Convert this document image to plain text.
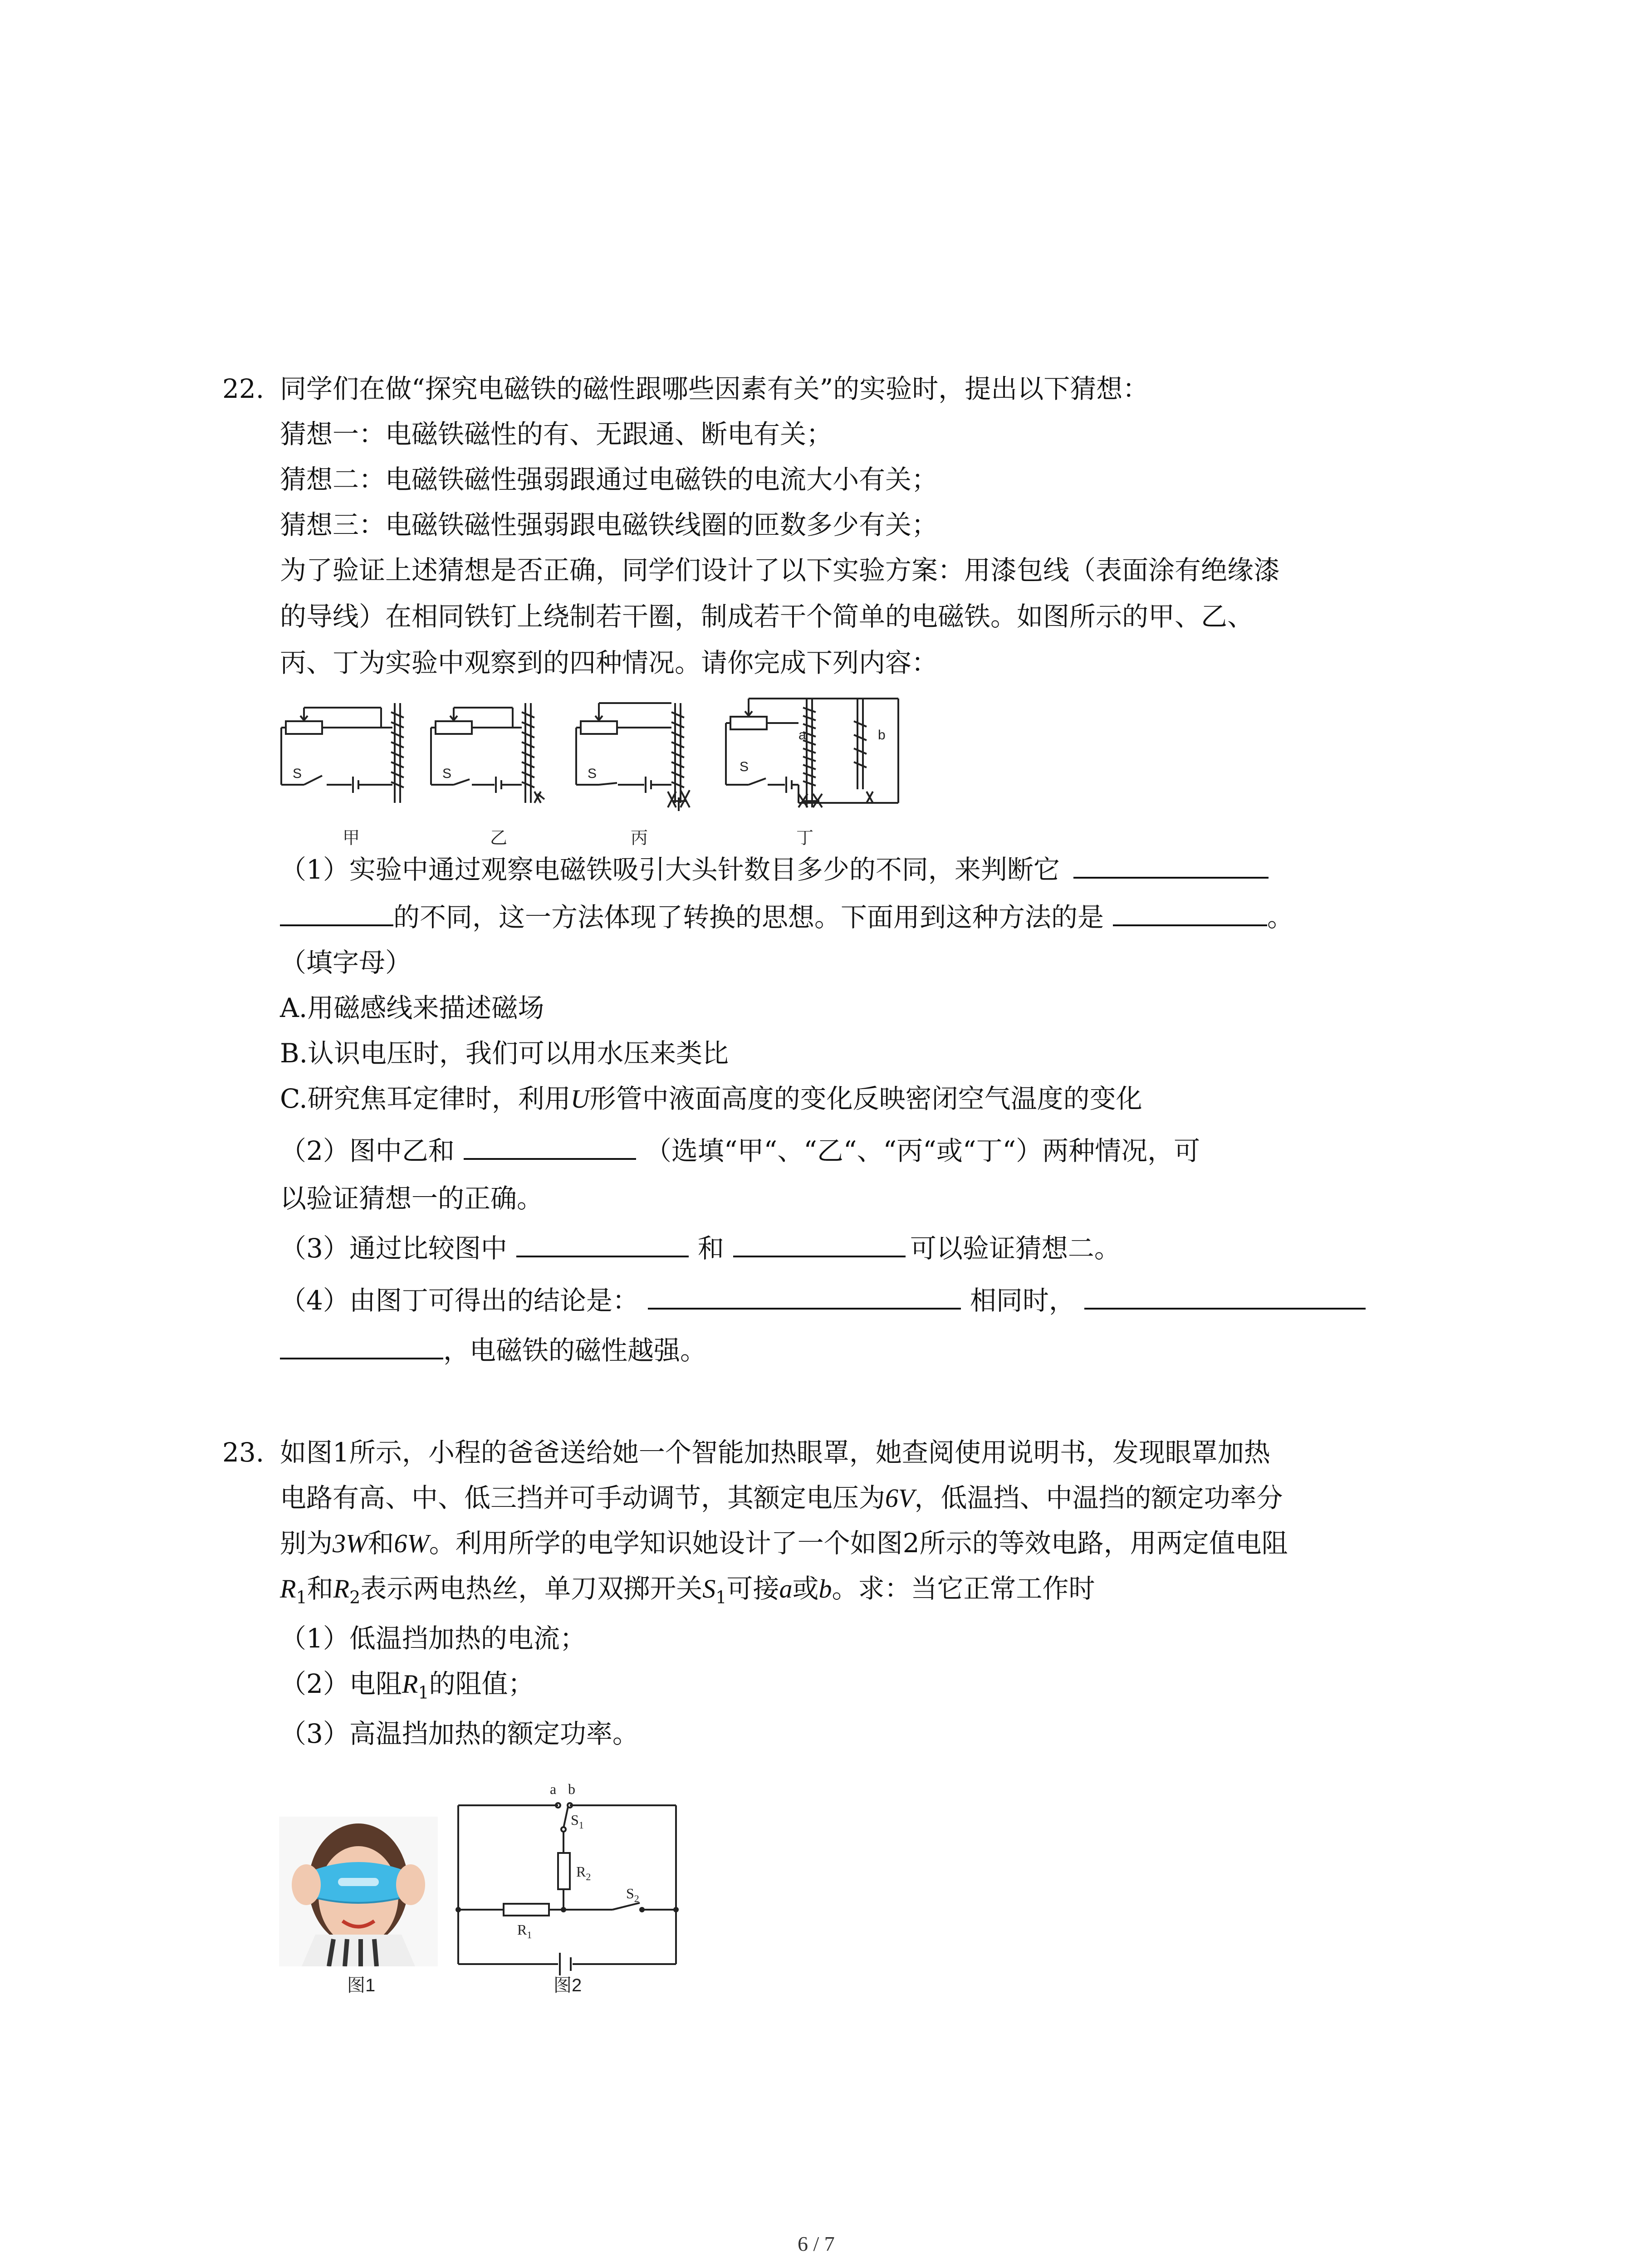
22. 同学们在做“探究电磁铁的磁性跟哪些因素有关”的实验时，提出以下猜想：
猜想一：电磁铁磁性的有、无跟通、断电有关；
猜想二：电磁铁磁性强弱跟通过电磁铁的电流大小有关；
猜想三：电磁铁磁性强弱跟电磁铁线圈的匝数多少有关；
为了验证上述猜想是否正确，同学们设计了以下实验方案：用漆包线（表面涂有绝缘漆
的导线）在相同铁钉上绕制若干圈，制成若干个简单的电磁铁。如图所示的甲、乙、
丙、丁为实验中观察到的四种情况。请你完成下列内容：
S	S	S	S
a	b
甲	乙	丙	丁
（1）实验中通过观察电磁铁吸引大头针数目多少的不同，来判断它
的不同，这一方法体现了转换的思想。下面用到这种方法的是	。
（填字母）
A.用磁感线来描述磁场
B.认识电压时，我们可以用水压来类比
C.研究焦耳定律时，利用U形管中液面高度的变化反映密闭空气温度的变化
（2）图中乙和	（选填“甲“、“乙“、“丙“或“丁“）两种情况，可
以验证猜想一的正确。
（3）通过比较图中	和	可以验证猜想二。
（4）由图丁可得出的结论是：	相同时，
，电磁铁的磁性越强。
23. 如图1所示，小程的爸爸送给她一个智能加热眼罩，她查阅使用说明书，发现眼罩加热
电路有高、中、低三挡并可手动调节，其额定电压为6V，低温挡、中温挡的额定功率分
别为3W和6W。利用所学的电学知识她设计了一个如图2所示的等效电路，用两定值电阻
$R_1$和$R_2$表示两电热丝，单刀双掷开关$S_1$可接a或b。求：当它正常工作时
（1）低温挡加热的电流；
（2）电阻$R_1$的阻值；
（3）高温挡加热的额定功率。
图1
a b
$S_1$
$R_2$
$S_2$
$R_1$
图2
6 / 7
